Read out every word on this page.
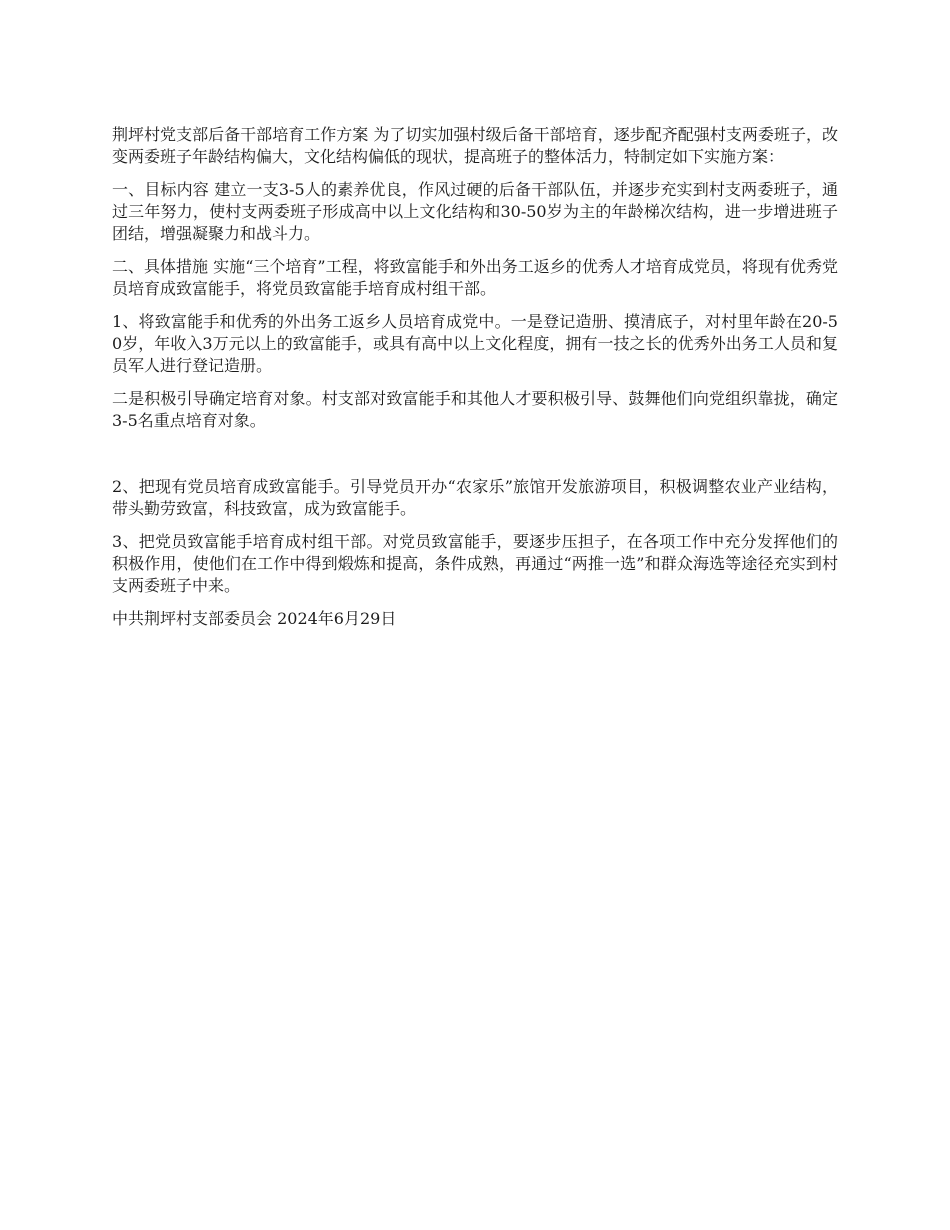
荆坪村党支部后备干部培育工作方案 为了切实加强村级后备干部培育，逐步配齐配强村支两委班子，改变两委班子年龄结构偏大，文化结构偏低的现状，提高班子的整体活力，特制定如下实施方案：

一、目标内容 建立一支3-5人的素养优良，作风过硬的后备干部队伍，并逐步充实到村支两委班子，通过三年努力，使村支两委班子形成高中以上文化结构和30-50岁为主的年龄梯次结构，进一步增进班子团结，增强凝聚力和战斗力。

二、具体措施 实施“三个培育”工程，将致富能手和外出务工返乡的优秀人才培育成党员，将现有优秀党员培育成致富能手，将党员致富能手培育成村组干部。

1、将致富能手和优秀的外出务工返乡人员培育成党中。一是登记造册、摸清底子，对村里年龄在20-50岁，年收入3万元以上的致富能手，或具有高中以上文化程度，拥有一技之长的优秀外出务工人员和复员军人进行登记造册。

二是积极引导确定培育对象。村支部对致富能手和其他人才要积极引导、鼓舞他们向党组织靠拢，确定3-5名重点培育对象。

2、把现有党员培育成致富能手。引导党员开办“农家乐”旅馆开发旅游项目，积极调整农业产业结构，带头勤劳致富，科技致富，成为致富能手。

3、把党员致富能手培育成村组干部。对党员致富能手，要逐步压担子，在各项工作中充分发挥他们的积极作用，使他们在工作中得到煅炼和提高，条件成熟，再通过“两推一选”和群众海选等途径充实到村支两委班子中来。

中共荆坪村支部委员会 2024年6月29日
